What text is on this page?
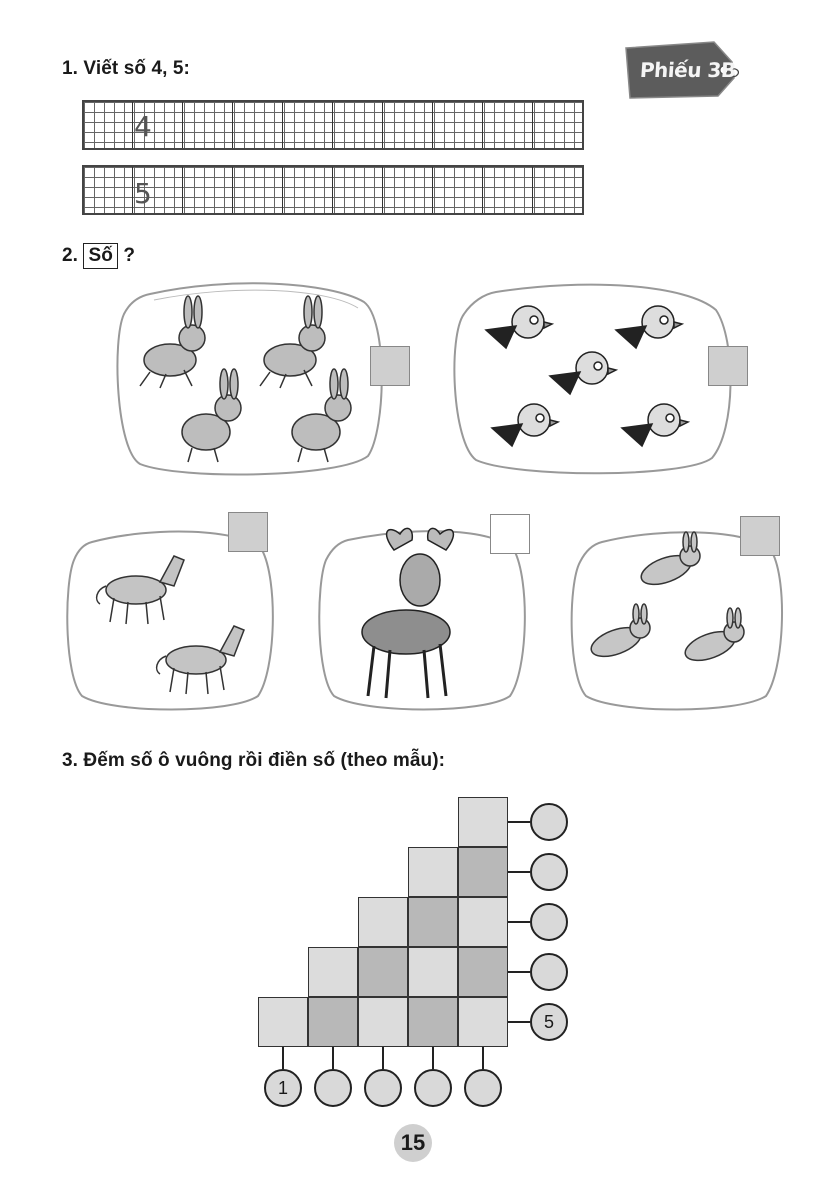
Phiếu 3B
1. Viết số 4, 5:
4
5
2. Số ?
3. Đếm số ô vuông rồi điền số (theo mẫu):
5
1
15
